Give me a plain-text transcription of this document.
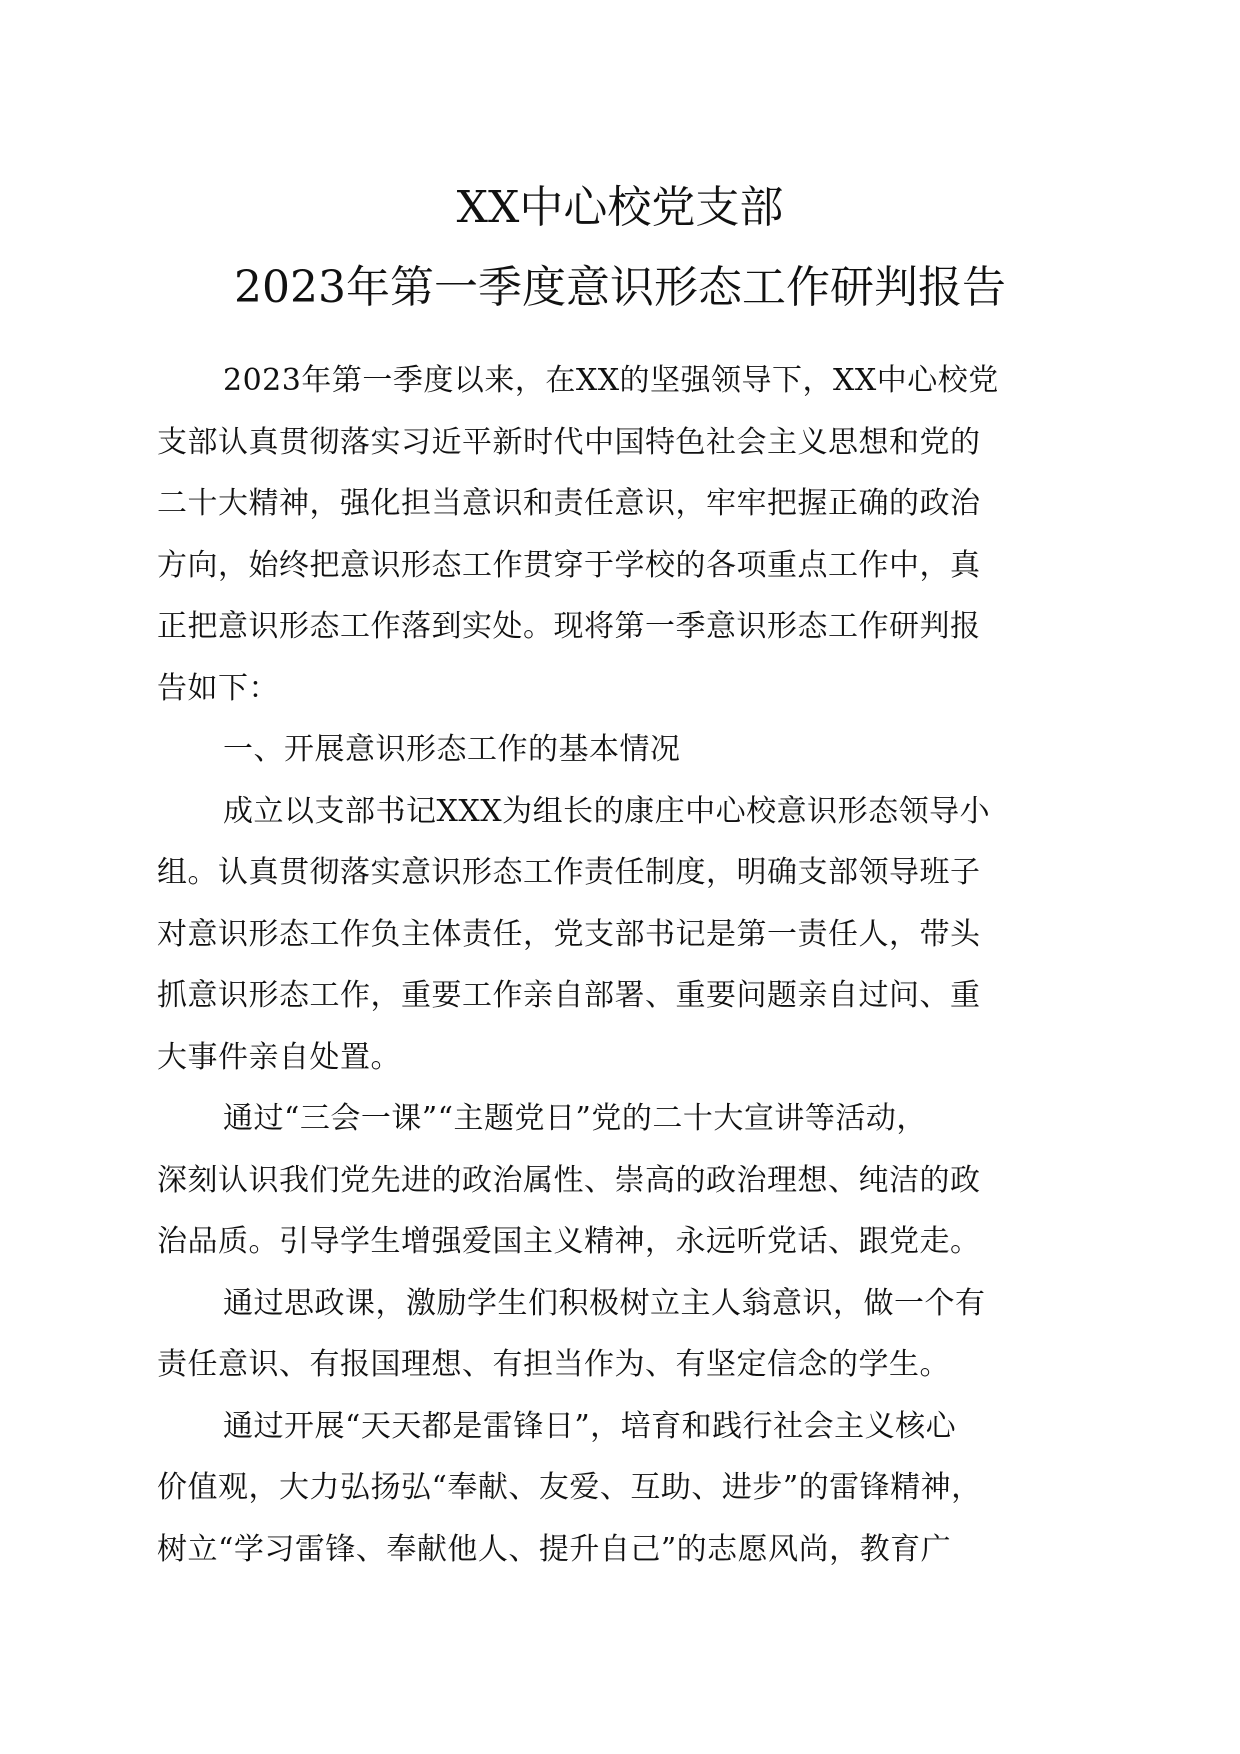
XX中心校党支部
2023年第一季度意识形态工作研判报告
2023年第一季度以来，在XX的坚强领导下，XX中心校党
支部认真贯彻落实习近平新时代中国特色社会主义思想和党的
二十大精神，强化担当意识和责任意识，牢牢把握正确的政治
方向，始终把意识形态工作贯穿于学校的各项重点工作中，真
正把意识形态工作落到实处。现将第一季意识形态工作研判报
告如下：
一、开展意识形态工作的基本情况
成立以支部书记XXX为组长的康庄中心校意识形态领导小
组。认真贯彻落实意识形态工作责任制度，明确支部领导班子
对意识形态工作负主体责任，党支部书记是第一责任人，带头
抓意识形态工作，重要工作亲自部署、重要问题亲自过问、重
大事件亲自处置。
通过“三会一课”“主题党日”党的二十大宣讲等活动，
深刻认识我们党先进的政治属性、崇高的政治理想、纯洁的政
治品质。引导学生增强爱国主义精神，永远听党话、跟党走。
通过思政课，激励学生们积极树立主人翁意识，做一个有
责任意识、有报国理想、有担当作为、有坚定信念的学生。
通过开展“天天都是雷锋日”，培育和践行社会主义核心
价值观，大力弘扬弘“奉献、友爱、互助、进步”的雷锋精神，
树立“学习雷锋、奉献他人、提升自己”的志愿风尚，教育广
